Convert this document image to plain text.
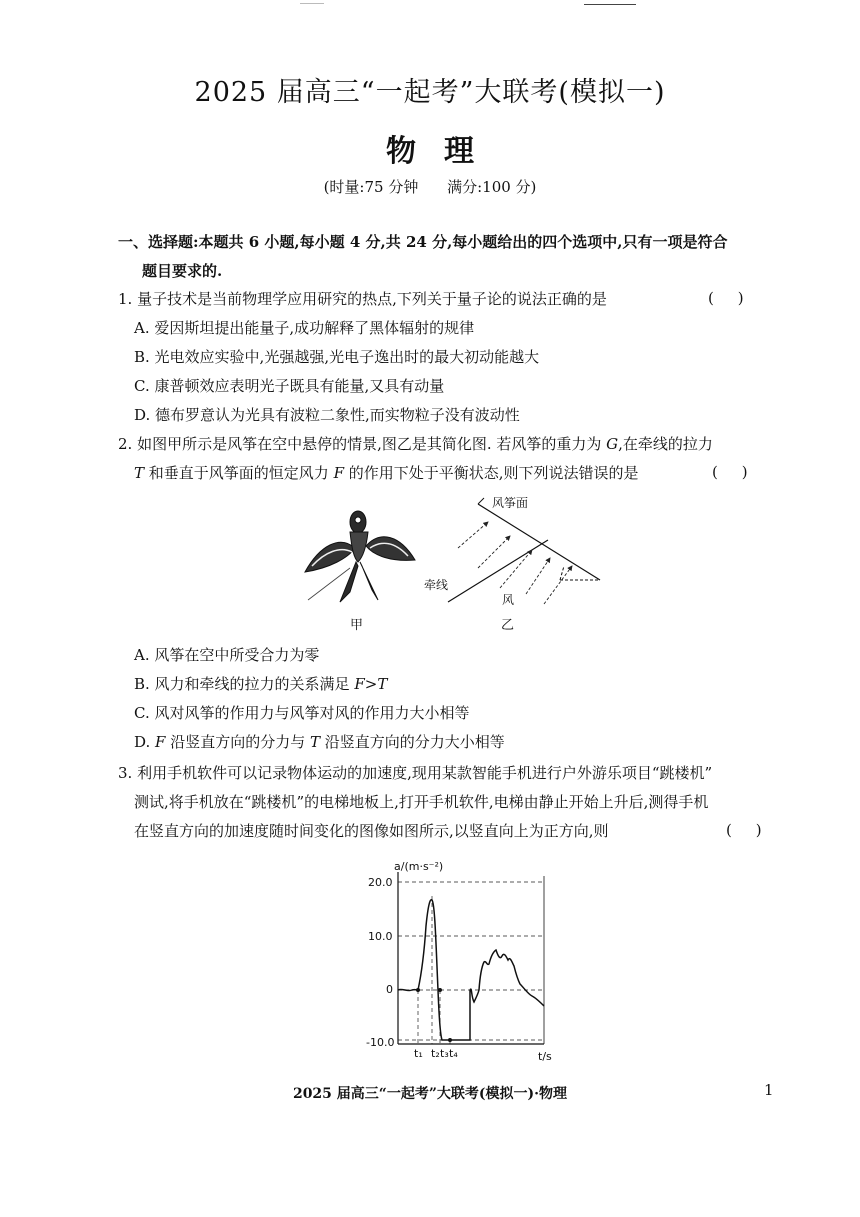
2025 届高三“一起考”大联考(模拟一)
物理
(时量:75 分钟 满分:100 分)
一、选择题:本题共 6 小题,每小题 4 分,共 24 分,每小题给出的四个选项中,只有一项是符合
题目要求的.
1. 量子技术是当前物理学应用研究的热点,下列关于量子论的说法正确的是	(     )
A. 爱因斯坦提出能量子,成功解释了黑体辐射的规律
B. 光电效应实验中,光强越强,光电子逸出时的最大初动能越大
C. 康普顿效应表明光子既具有能量,又具有动量
D. 德布罗意认为光具有波粒二象性,而实物粒子没有波动性
2. 如图甲所示是风筝在空中悬停的情景,图乙是其简化图. 若风筝的重力为 G,在牵线的拉力
T 和垂直于风筝面的恒定风力 F 的作用下处于平衡状态,则下列说法错误的是	(     )
甲
风筝面
牵线
风
乙
A. 风筝在空中所受合力为零
B. 风力和牵线的拉力的关系满足 F>T
C. 风对风筝的作用力与风筝对风的作用力大小相等
D. F 沿竖直方向的分力与 T 沿竖直方向的分力大小相等
3. 利用手机软件可以记录物体运动的加速度,现用某款智能手机进行户外游乐项目“跳楼机”
测试,将手机放在“跳楼机”的电梯地板上,打开手机软件,电梯由静止开始上升后,测得手机
在竖直方向的加速度随时间变化的图像如图所示,以竖直向上为正方向,则	(     )
a/(m·s⁻²)
t/s
20.0
10.0
0
-10.0
t₁ t₂ t₃ t₄
2025 届高三“一起考”大联考(模拟一)·物理	1
